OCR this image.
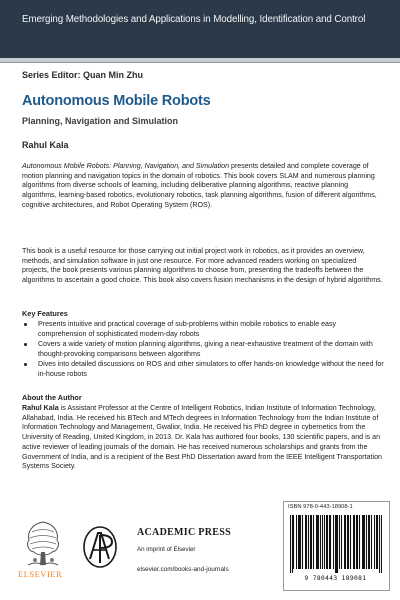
Emerging Methodologies and Applications in Modelling, Identification and Control
Series Editor: Quan Min Zhu
Autonomous Mobile Robots
Planning, Navigation and Simulation
Rahul Kala

Autonomous Mobile Robots: Planning, Navigation, and Simulation presents detailed and complete coverage of motion planning and navigation topics in the domain of robotics. This book covers SLAM and numerous planning algorithms from diverse schools of learning, including deliberative planning algorithms, reactive planning algorithms, learning-based robotics, evolutionary robotics, task planning algorithms, fusion of different algorithms, cognitive architectures, and Robot Operating System (ROS).

This book is a useful resource for those carrying out initial project work in robotics, as it provides an overview, methods, and simulation software in just one resource. For more advanced readers working on specialized projects, the book presents various planning algorithms to choose from, presenting the tradeoffs between the algorithms to ascertain a good choice. This book also covers fusion mechanisms in the design of hybrid algorithms.

Key Features
Presents intuitive and practical coverage of sub-problems within mobile robotics to enable easy comprehension of sophisticated modern-day robots
Covers a wide variety of motion planning algorithms, giving a near-exhaustive treatment of the domain with thought-provoking comparisons between algorithms
Dives into detailed discussions on ROS and other simulators to offer hands-on knowledge without the need for in-house robots
About the Author

Rahul Kala is Assistant Professor at the Centre of Intelligent Robotics, Indian Institute of Information Technology, Allahabad, India. He received his BTech and MTech degrees in Information Technology from the Indian Institute of Information Technology and Management, Gwalior, India. He received his PhD degree in cybernetics from the University of Reading, United Kingdom, in 2013. Dr. Kala has authored four books, 130 scientific papers, and is an active reviewer of leading journals of the domain. He has received numerous scholarships and grants from the Government of India, and is a recipient of the Best PhD Dissertation award from the IEEE Intelligent Transportation Systems Society.

ELSEVIER
ACADEMIC PRESS
An imprint of Elsevier
elsevier.com/books-and-journals
ISBN 978-0-443-18908-1
9 780443 189081
